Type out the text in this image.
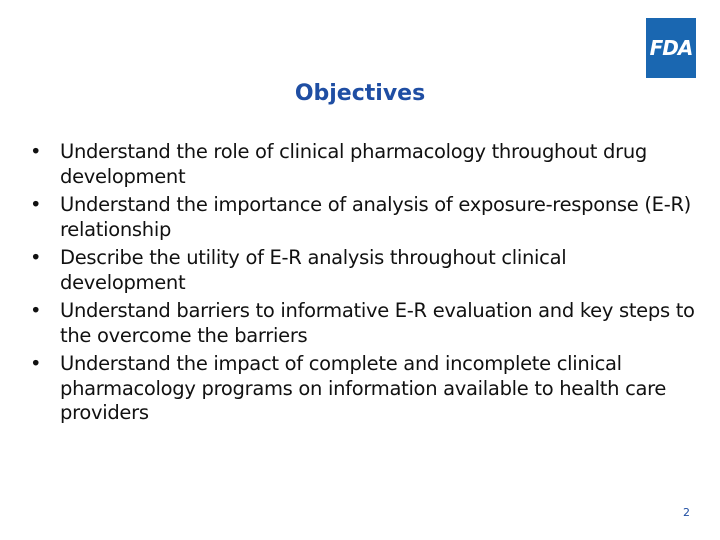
FDA
Objectives
• Understand the role of clinical pharmacology throughout drug development
• Understand the importance of analysis of exposure-response (E-R) relationship
• Describe the utility of E-R analysis throughout clinical development
• Understand barriers to informative E-R evaluation and key steps to the overcome the barriers
• Understand the impact of complete and incomplete clinical pharmacology programs on information available to health care providers
2
